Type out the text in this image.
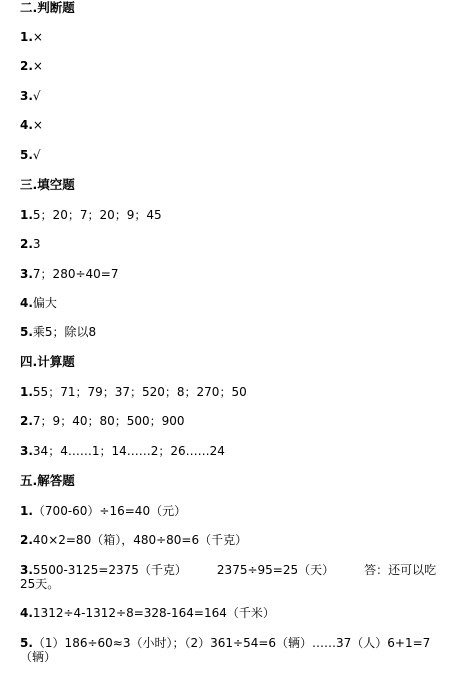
二.判断题
1.×
2.×
3.√
4.×
5.√
三.填空题
1.5；20；7；20；9；45
2.3
3.7；280÷40=7
4.偏大
5.乘5；除以8
四.计算题
1.55；71；79；37；520；8；270；50
2.7；9；40；80；500；900
3.34；4……1；14……2；26……24
五.解答题
1.（700-60）÷16=40（元）
2.40×2=80（箱），480÷80=6（千克）
3.5500-3125=2375（千克）　　　2375÷95=25（天）　　　答：还可以吃25天。
4.1312÷4-1312÷8=328-164=164（千米）
5.（1）186÷60≈3（小时）；（2）361÷54=6（辆）……37（人）6+1=7（辆）
